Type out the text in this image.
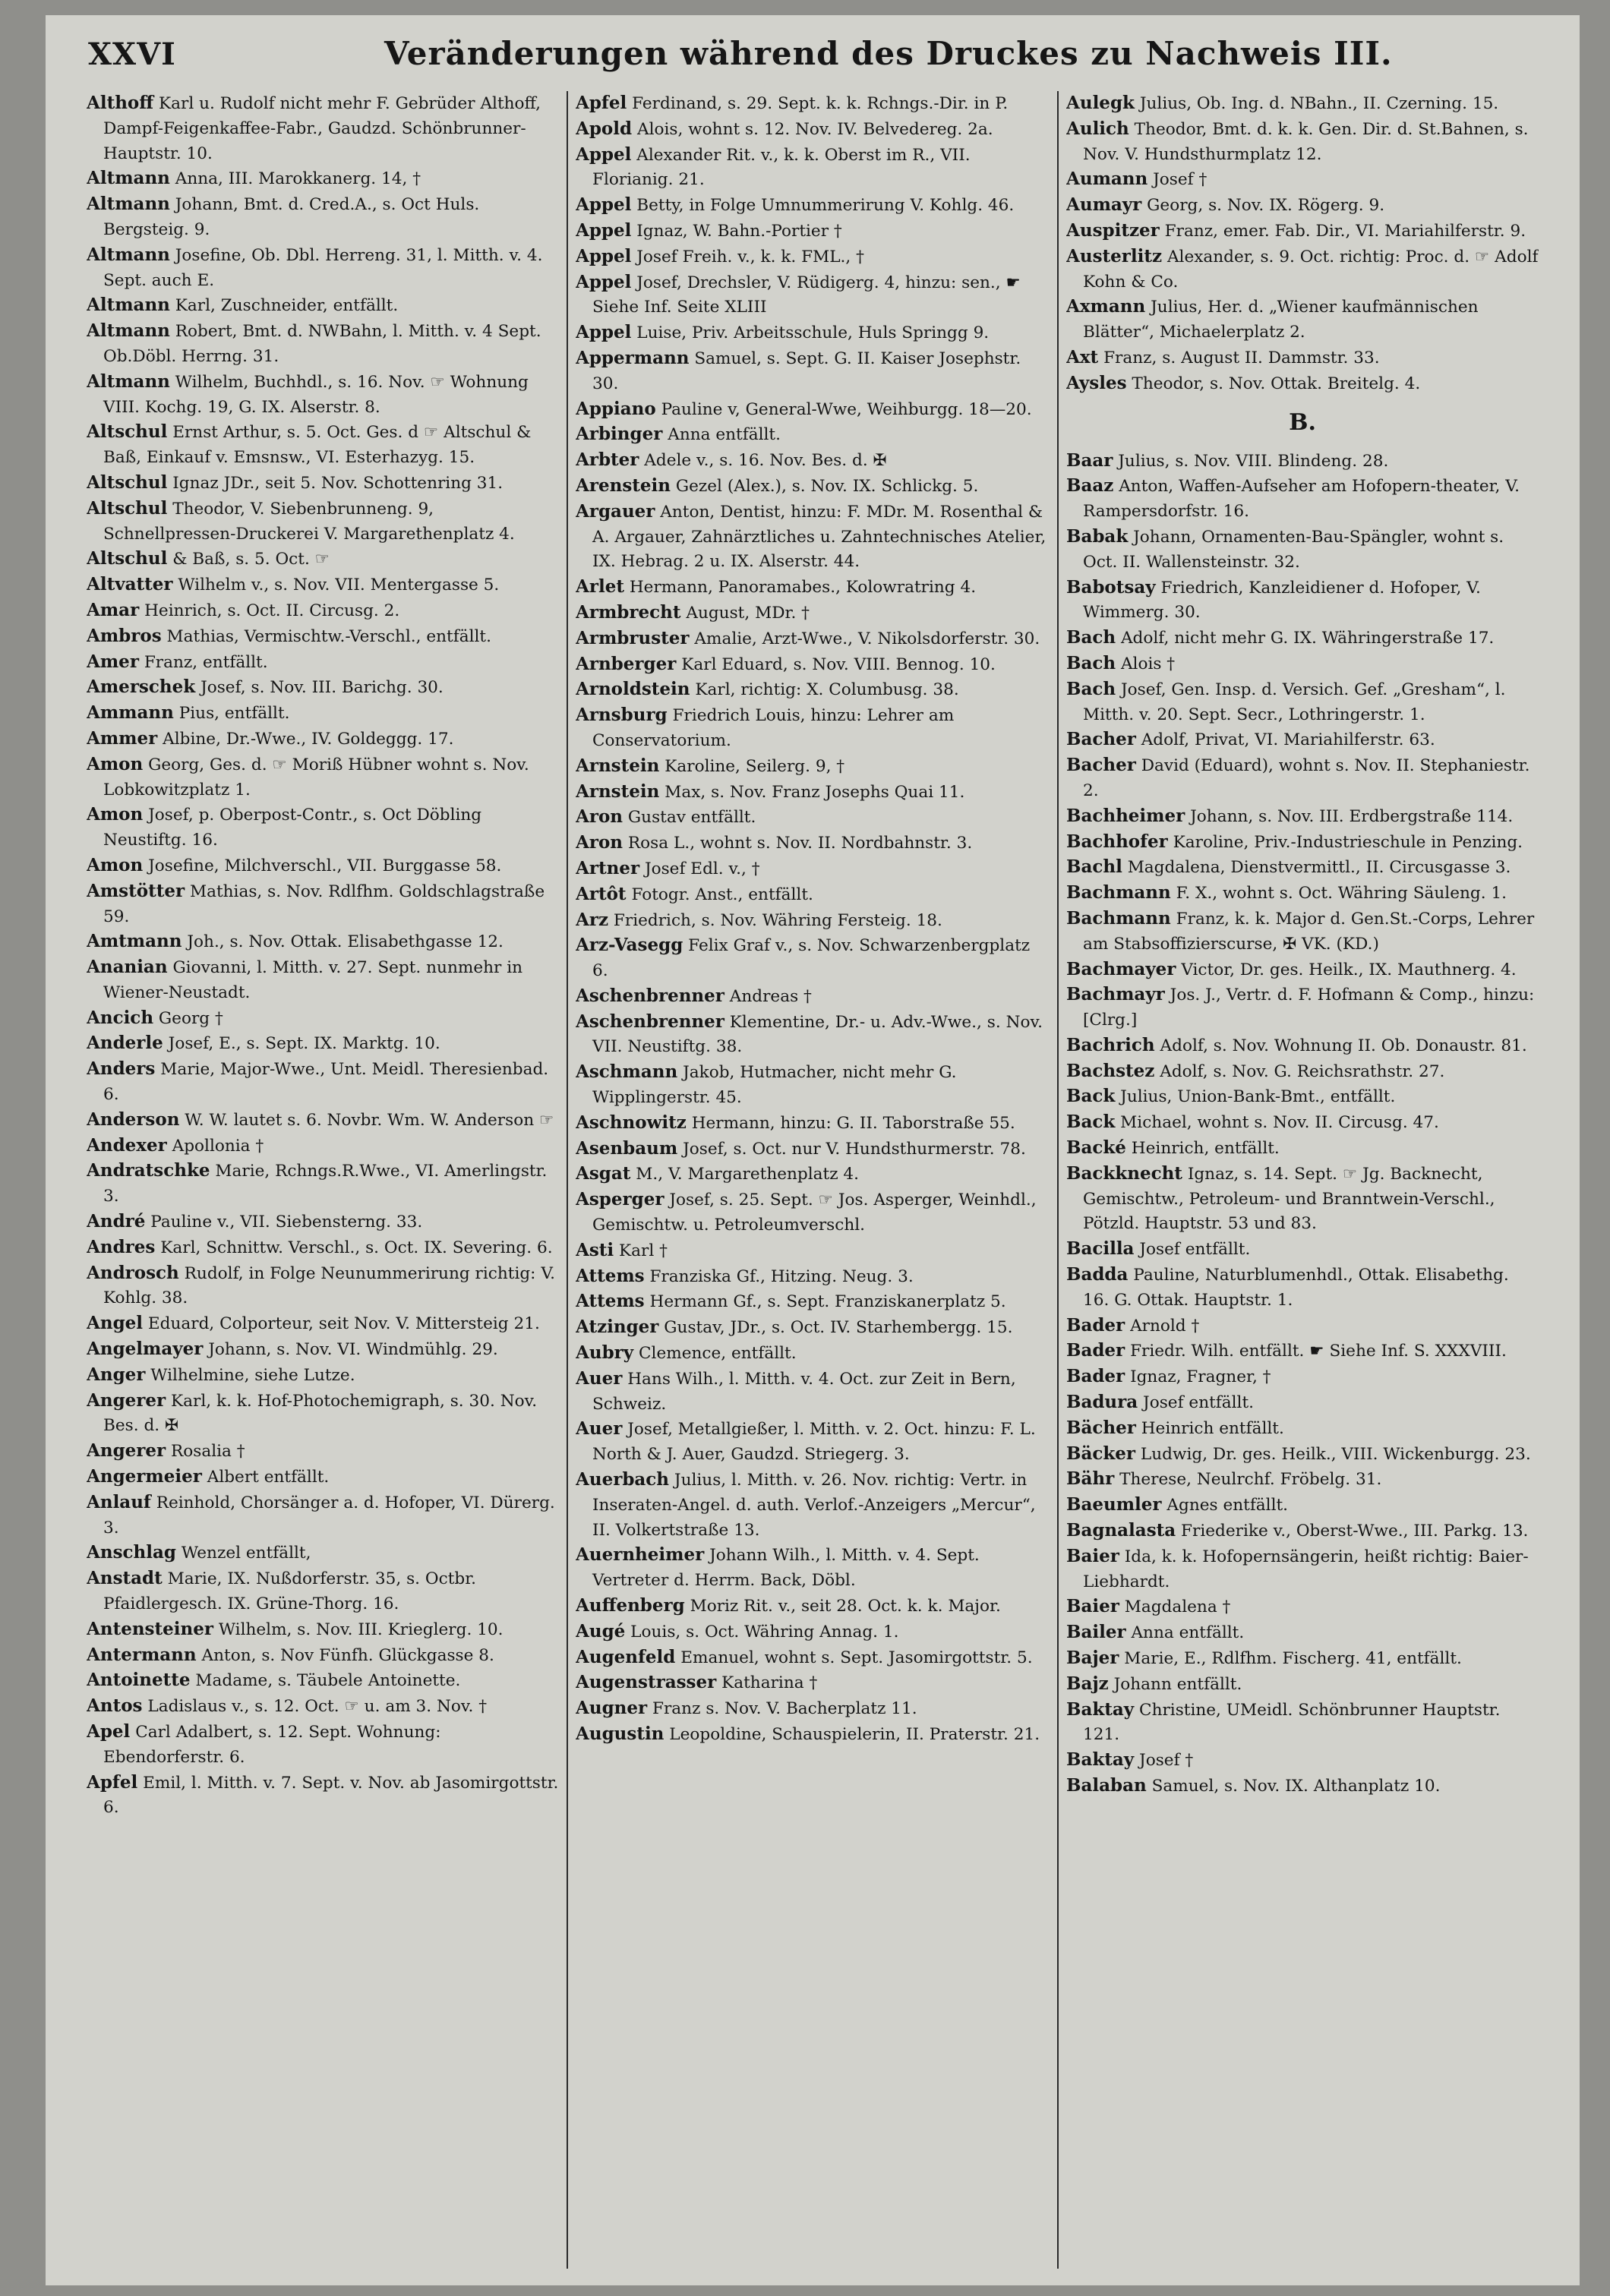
XXVI	Veränderungen während des Druckes zu Nachweis III.

Althoff Karl u. Rudolf nicht mehr F. Gebrüder Althoff, Dampf-Feigenkaffee-Fabr., Gaudzd. Schönbrunner-Hauptstr. 10.

Altmann Anna, III. Marokkanerg. 14, †

Altmann Johann, Bmt. d. Cred.A., s. Oct Huls. Bergsteig. 9.

Altmann Josefine, Ob. Dbl. Herreng. 31, l. Mitth. v. 4. Sept. auch E.

Altmann Karl, Zuschneider, entfällt.

Altmann Robert, Bmt. d. NWBahn, l. Mitth. v. 4 Sept. Ob.Döbl. Herrng. 31.

Altmann Wilhelm, Buchhdl., s. 16. Nov. ☞ Wohnung VIII. Kochg. 19, G. IX. Alserstr. 8.

Altschul Ernst Arthur, s. 5. Oct. Ges. d ☞ Altschul & Baß, Einkauf v. Emsnsw., VI. Esterhazyg. 15.

Altschul Ignaz JDr., seit 5. Nov. Schottenring 31.

Altschul Theodor, V. Siebenbrunneng. 9, Schnellpressen-Druckerei V. Margarethenplatz 4.

Altschul & Baß, s. 5. Oct. ☞

Altvatter Wilhelm v., s. Nov. VII. Mentergasse 5.

Amar Heinrich, s. Oct. II. Circusg. 2.

Ambros Mathias, Vermischtw.-Verschl., entfällt.

Amer Franz, entfällt.

Amerschek Josef, s. Nov. III. Barichg. 30.

Ammann Pius, entfällt.

Ammer Albine, Dr.-Wwe., IV. Goldeggg. 17.

Amon Georg, Ges. d. ☞ Moriß Hübner wohnt s. Nov. Lobkowitzplatz 1.

Amon Josef, p. Oberpost-Contr., s. Oct Döbling Neustiftg. 16.

Amon Josefine, Milchverschl., VII. Burggasse 58.

Amstötter Mathias, s. Nov. Rdlfhm. Goldschlagstraße 59.

Amtmann Joh., s. Nov. Ottak. Elisabethgasse 12.

Ananian Giovanni, l. Mitth. v. 27. Sept. nunmehr in Wiener-Neustadt.

Ancich Georg †

Anderle Josef, E., s. Sept. IX. Marktg. 10.

Anders Marie, Major-Wwe., Unt. Meidl. Theresienbad. 6.

Anderson W. W. lautet s. 6. Novbr. Wm. W. Anderson ☞

Andexer Apollonia †

Andratschke Marie, Rchngs.R.Wwe., VI. Amerlingstr. 3.

André Pauline v., VII. Siebensterng. 33.

Andres Karl, Schnittw. Verschl., s. Oct. IX. Severing. 6.

Androsch Rudolf, in Folge Neunummerirung richtig: V. Kohlg. 38.

Angel Eduard, Colporteur, seit Nov. V. Mittersteig 21.

Angelmayer Johann, s. Nov. VI. Windmühlg. 29.

Anger Wilhelmine, siehe Lutze.

Angerer Karl, k. k. Hof-Photochemigraph, s. 30. Nov. Bes. d. ✠

Angerer Rosalia †

Angermeier Albert entfällt.

Anlauf Reinhold, Chorsänger a. d. Hofoper, VI. Dürerg. 3.

Anschlag Wenzel entfällt,

Anstadt Marie, IX. Nußdorferstr. 35, s. Octbr. Pfaidlergesch. IX. Grüne-Thorg. 16.

Antensteiner Wilhelm, s. Nov. III. Krieglerg. 10.

Antermann Anton, s. Nov Fünfh. Glückgasse 8.

Antoinette Madame, s. Täubele Antoinette.

Antos Ladislaus v., s. 12. Oct. ☞ u. am 3. Nov. †

Apel Carl Adalbert, s. 12. Sept. Wohnung: Ebendorferstr. 6.

Apfel Emil, l. Mitth. v. 7. Sept. v. Nov. ab Jasomirgottstr. 6.

Apfel Ferdinand, s. 29. Sept. k. k. Rchngs.-Dir. in P.

Apold Alois, wohnt s. 12. Nov. IV. Belvedereg. 2a.

Appel Alexander Rit. v., k. k. Oberst im R., VII. Florianig. 21.

Appel Betty, in Folge Umnummerirung V. Kohlg. 46.

Appel Ignaz, W. Bahn.-Portier †

Appel Josef Freih. v., k. k. FML., †

Appel Josef, Drechsler, V. Rüdigerg. 4, hinzu: sen., ☛ Siehe Inf. Seite XLIII

Appel Luise, Priv. Arbeitsschule, Huls Springg 9.

Appermann Samuel, s. Sept. G. II. Kaiser Josephstr. 30.

Appiano Pauline v, General-Wwe, Weihburgg. 18—20.

Arbinger Anna entfällt.

Arbter Adele v., s. 16. Nov. Bes. d. ✠

Arenstein Gezel (Alex.), s. Nov. IX. Schlickg. 5.

Argauer Anton, Dentist, hinzu: F. MDr. M. Rosenthal & A. Argauer, Zahnärztliches u. Zahntechnisches Atelier, IX. Hebrag. 2 u. IX. Alserstr. 44.

Arlet Hermann, Panoramabes., Kolowratring 4.

Armbrecht August, MDr. †

Armbruster Amalie, Arzt-Wwe., V. Nikolsdorferstr. 30.

Arnberger Karl Eduard, s. Nov. VIII. Bennog. 10.

Arnoldstein Karl, richtig: X. Columbusg. 38.

Arnsburg Friedrich Louis, hinzu: Lehrer am Conservatorium.

Arnstein Karoline, Seilerg. 9, †

Arnstein Max, s. Nov. Franz Josephs Quai 11.

Aron Gustav entfällt.

Aron Rosa L., wohnt s. Nov. II. Nordbahnstr. 3.

Artner Josef Edl. v., †

Artôt Fotogr. Anst., entfällt.

Arz Friedrich, s. Nov. Währing Fersteig. 18.

Arz-Vasegg Felix Graf v., s. Nov. Schwarzenbergplatz 6.

Aschenbrenner Andreas †

Aschenbrenner Klementine, Dr.- u. Adv.-Wwe., s. Nov. VII. Neustiftg. 38.

Aschmann Jakob, Hutmacher, nicht mehr G. Wipplingerstr. 45.

Aschnowitz Hermann, hinzu: G. II. Taborstraße 55.

Asenbaum Josef, s. Oct. nur V. Hundsthurmerstr. 78.

Asgat M., V. Margarethenplatz 4.

Asperger Josef, s. 25. Sept. ☞ Jos. Asperger, Weinhdl., Gemischtw. u. Petroleumverschl.

Asti Karl †

Attems Franziska Gf., Hitzing. Neug. 3.

Attems Hermann Gf., s. Sept. Franziskanerplatz 5.

Atzinger Gustav, JDr., s. Oct. IV. Starhembergg. 15.

Aubry Clemence, entfällt.

Auer Hans Wilh., l. Mitth. v. 4. Oct. zur Zeit in Bern, Schweiz.

Auer Josef, Metallgießer, l. Mitth. v. 2. Oct. hinzu: F. L. North & J. Auer, Gaudzd. Striegerg. 3.

Auerbach Julius, l. Mitth. v. 26. Nov. richtig: Vertr. in Inseraten-Angel. d. auth. Verlof.-Anzeigers „Mercur“, II. Volkertstraße 13.

Auernheimer Johann Wilh., l. Mitth. v. 4. Sept. Vertreter d. Herrm. Back, Döbl.

Auffenberg Moriz Rit. v., seit 28. Oct. k. k. Major.

Augé Louis, s. Oct. Währing Annag. 1.

Augenfeld Emanuel, wohnt s. Sept. Jasomirgottstr. 5.

Augenstrasser Katharina †

Augner Franz s. Nov. V. Bacherplatz 11.

Augustin Leopoldine, Schauspielerin, II. Praterstr. 21.

Aulegk Julius, Ob. Ing. d. NBahn., II. Czerning. 15.

Aulich Theodor, Bmt. d. k. k. Gen. Dir. d. St.Bahnen, s. Nov. V. Hundsthurmplatz 12.

Aumann Josef †

Aumayr Georg, s. Nov. IX. Rögerg. 9.

Auspitzer Franz, emer. Fab. Dir., VI. Mariahilferstr. 9.

Austerlitz Alexander, s. 9. Oct. richtig: Proc. d. ☞ Adolf Kohn & Co.

Axmann Julius, Her. d. „Wiener kaufmännischen Blätter“, Michaelerplatz 2.

Axt Franz, s. August II. Dammstr. 33.

Aysles Theodor, s. Nov. Ottak. Breitelg. 4.

B.

Baar Julius, s. Nov. VIII. Blindeng. 28.

Baaz Anton, Waffen-Aufseher am Hofopern-theater, V. Rampersdorfstr. 16.

Babak Johann, Ornamenten-Bau-Spängler, wohnt s. Oct. II. Wallensteinstr. 32.

Babotsay Friedrich, Kanzleidiener d. Hofoper, V. Wimmerg. 30.

Bach Adolf, nicht mehr G. IX. Währingerstraße 17.

Bach Alois †

Bach Josef, Gen. Insp. d. Versich. Gef. „Gresham“, l. Mitth. v. 20. Sept. Secr., Lothringerstr. 1.

Bacher Adolf, Privat, VI. Mariahilferstr. 63.

Bacher David (Eduard), wohnt s. Nov. II. Stephaniestr. 2.

Bachheimer Johann, s. Nov. III. Erdbergstraße 114.

Bachhofer Karoline, Priv.-Industrieschule in Penzing.

Bachl Magdalena, Dienstvermittl., II. Circusgasse 3.

Bachmann F. X., wohnt s. Oct. Währing Säuleng. 1.

Bachmann Franz, k. k. Major d. Gen.St.-Corps, Lehrer am Stabsoffizierscurse, ✠ VK. (KD.)

Bachmayer Victor, Dr. ges. Heilk., IX. Mauthnerg. 4.

Bachmayr Jos. J., Vertr. d. F. Hofmann & Comp., hinzu: [Clrg.]

Bachrich Adolf, s. Nov. Wohnung II. Ob. Donaustr. 81.

Bachstez Adolf, s. Nov. G. Reichsrathstr. 27.

Back Julius, Union-Bank-Bmt., entfällt.

Back Michael, wohnt s. Nov. II. Circusg. 47.

Backé Heinrich, entfällt.

Backknecht Ignaz, s. 14. Sept. ☞ Jg. Backnecht, Gemischtw., Petroleum- und Branntwein-Verschl., Pötzld. Hauptstr. 53 und 83.

Bacilla Josef entfällt.

Badda Pauline, Naturblumenhdl., Ottak. Elisabethg. 16. G. Ottak. Hauptstr. 1.

Bader Arnold †

Bader Friedr. Wilh. entfällt. ☛ Siehe Inf. S. XXXVIII.

Bader Ignaz, Fragner, †

Badura Josef entfällt.

Bächer Heinrich entfällt.

Bäcker Ludwig, Dr. ges. Heilk., VIII. Wickenburgg. 23.

Bähr Therese, Neulrchf. Fröbelg. 31.

Baeumler Agnes entfällt.

Bagnalasta Friederike v., Oberst-Wwe., III. Parkg. 13.

Baier Ida, k. k. Hofopernsängerin, heißt richtig: Baier-Liebhardt.

Baier Magdalena †

Bailer Anna entfällt.

Bajer Marie, E., Rdlfhm. Fischerg. 41, entfällt.

Bajz Johann entfällt.

Baktay Christine, UMeidl. Schönbrunner Hauptstr. 121.

Baktay Josef †

Balaban Samuel, s. Nov. IX. Althanplatz 10.
